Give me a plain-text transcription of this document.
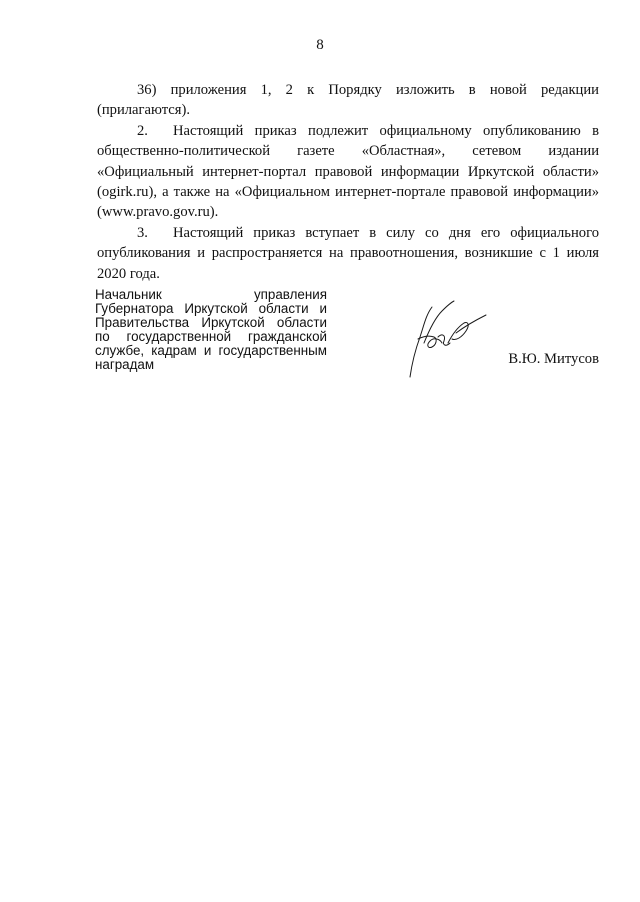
8

36) приложения 1, 2 к Порядку изложить в новой редакции (прилагаются).

2. Настоящий приказ подлежит официальному опубликованию в общественно-политической газете «Областная», сетевом издании «Официальный интернет-портал правовой информации Иркутской области» (ogirk.ru), а также на «Официальном интернет-портале правовой информации» (www.pravo.gov.ru).

3. Настоящий приказ вступает в силу со дня его официального опубликования и распространяется на правоотношения, возникшие с 1 июля 2020 года.

Начальник управления
Губернатора Иркутской области и
Правительства Иркутской области
по государственной гражданской
службе, кадрам и государственным
наградам	В.Ю. Митусов
